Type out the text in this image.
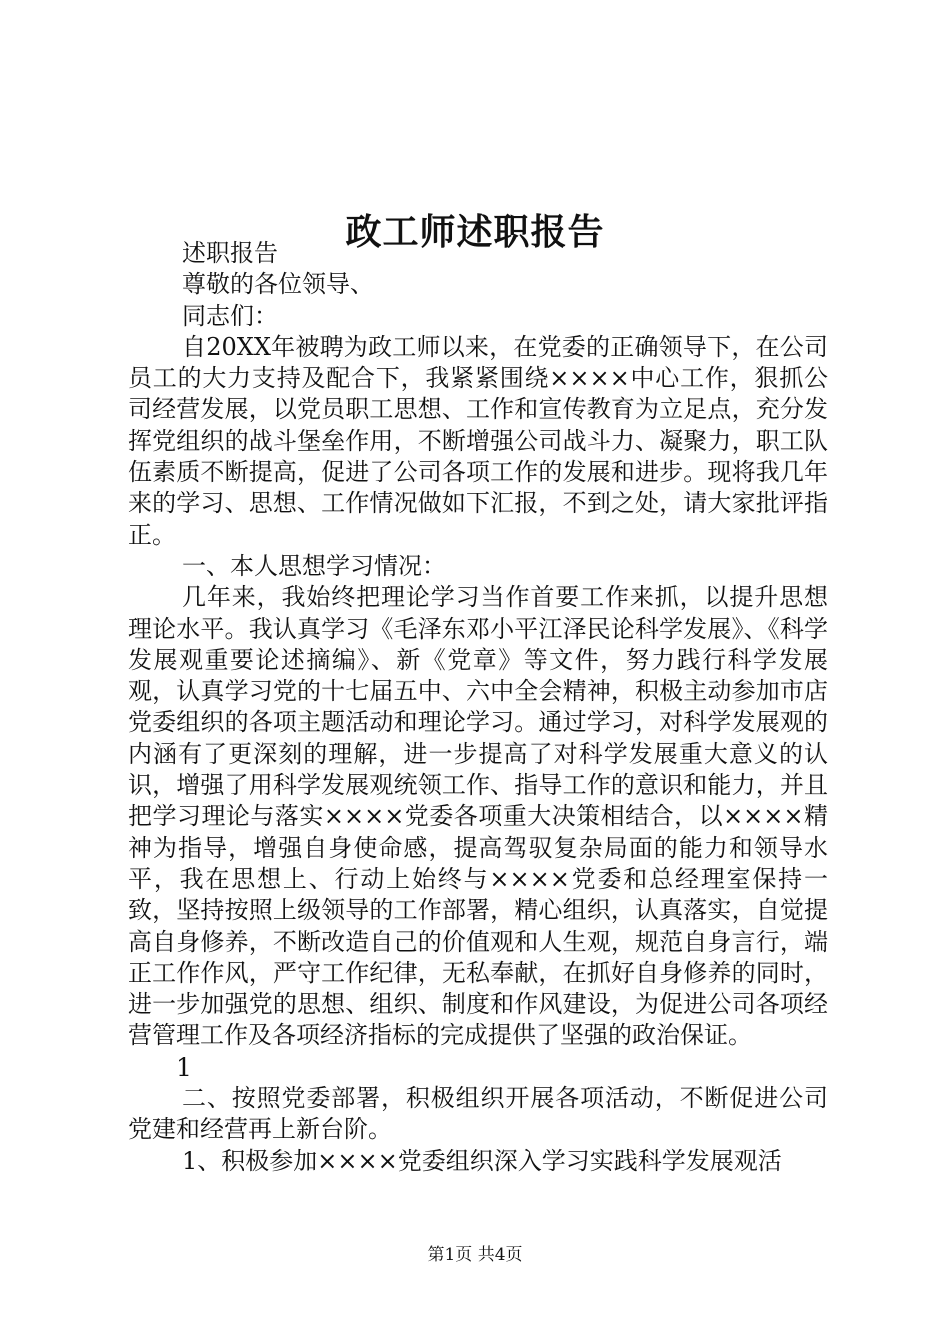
政工师述职报告

述职报告

尊敬的各位领导、

同志们：

自20XX年被聘为政工师以来，在党委的正确领导下，在公司员工的大力支持及配合下，我紧紧围绕××××中心工作，狠抓公司经营发展，以党员职工思想、工作和宣传教育为立足点，充分发挥党组织的战斗堡垒作用，不断增强公司战斗力、凝聚力，职工队伍素质不断提高，促进了公司各项工作的发展和进步。现将我几年来的学习、思想、工作情况做如下汇报，不到之处，请大家批评指正。

一、本人思想学习情况：

几年来，我始终把理论学习当作首要工作来抓，以提升思想理论水平。我认真学习《毛泽东邓小平江泽民论科学发展》、《科学发展观重要论述摘编》、新《党章》等文件，努力践行科学发展观，认真学习党的十七届五中、六中全会精神，积极主动参加市店党委组织的各项主题活动和理论学习。通过学习，对科学发展观的内涵有了更深刻的理解，进一步提高了对科学发展重大意义的认识，增强了用科学发展观统领工作、指导工作的意识和能力，并且把学习理论与落实××××党委各项重大决策相结合，以××××精神为指导，增强自身使命感，提高驾驭复杂局面的能力和领导水平，我在思想上、行动上始终与××××党委和总经理室保持一致，坚持按照上级领导的工作部署，精心组织，认真落实，自觉提高自身修养，不断改造自己的价值观和人生观，规范自身言行，端正工作作风，严守工作纪律，无私奉献，在抓好自身修养的同时，进一步加强党的思想、组织、制度和作风建设，为促进公司各项经营管理工作及各项经济指标的完成提供了坚强的政治保证。

1

二、按照党委部署，积极组织开展各项活动，不断促进公司党建和经营再上新台阶。

1、积极参加××××党委组织深入学习实践科学发展观活

第1页 共4页
